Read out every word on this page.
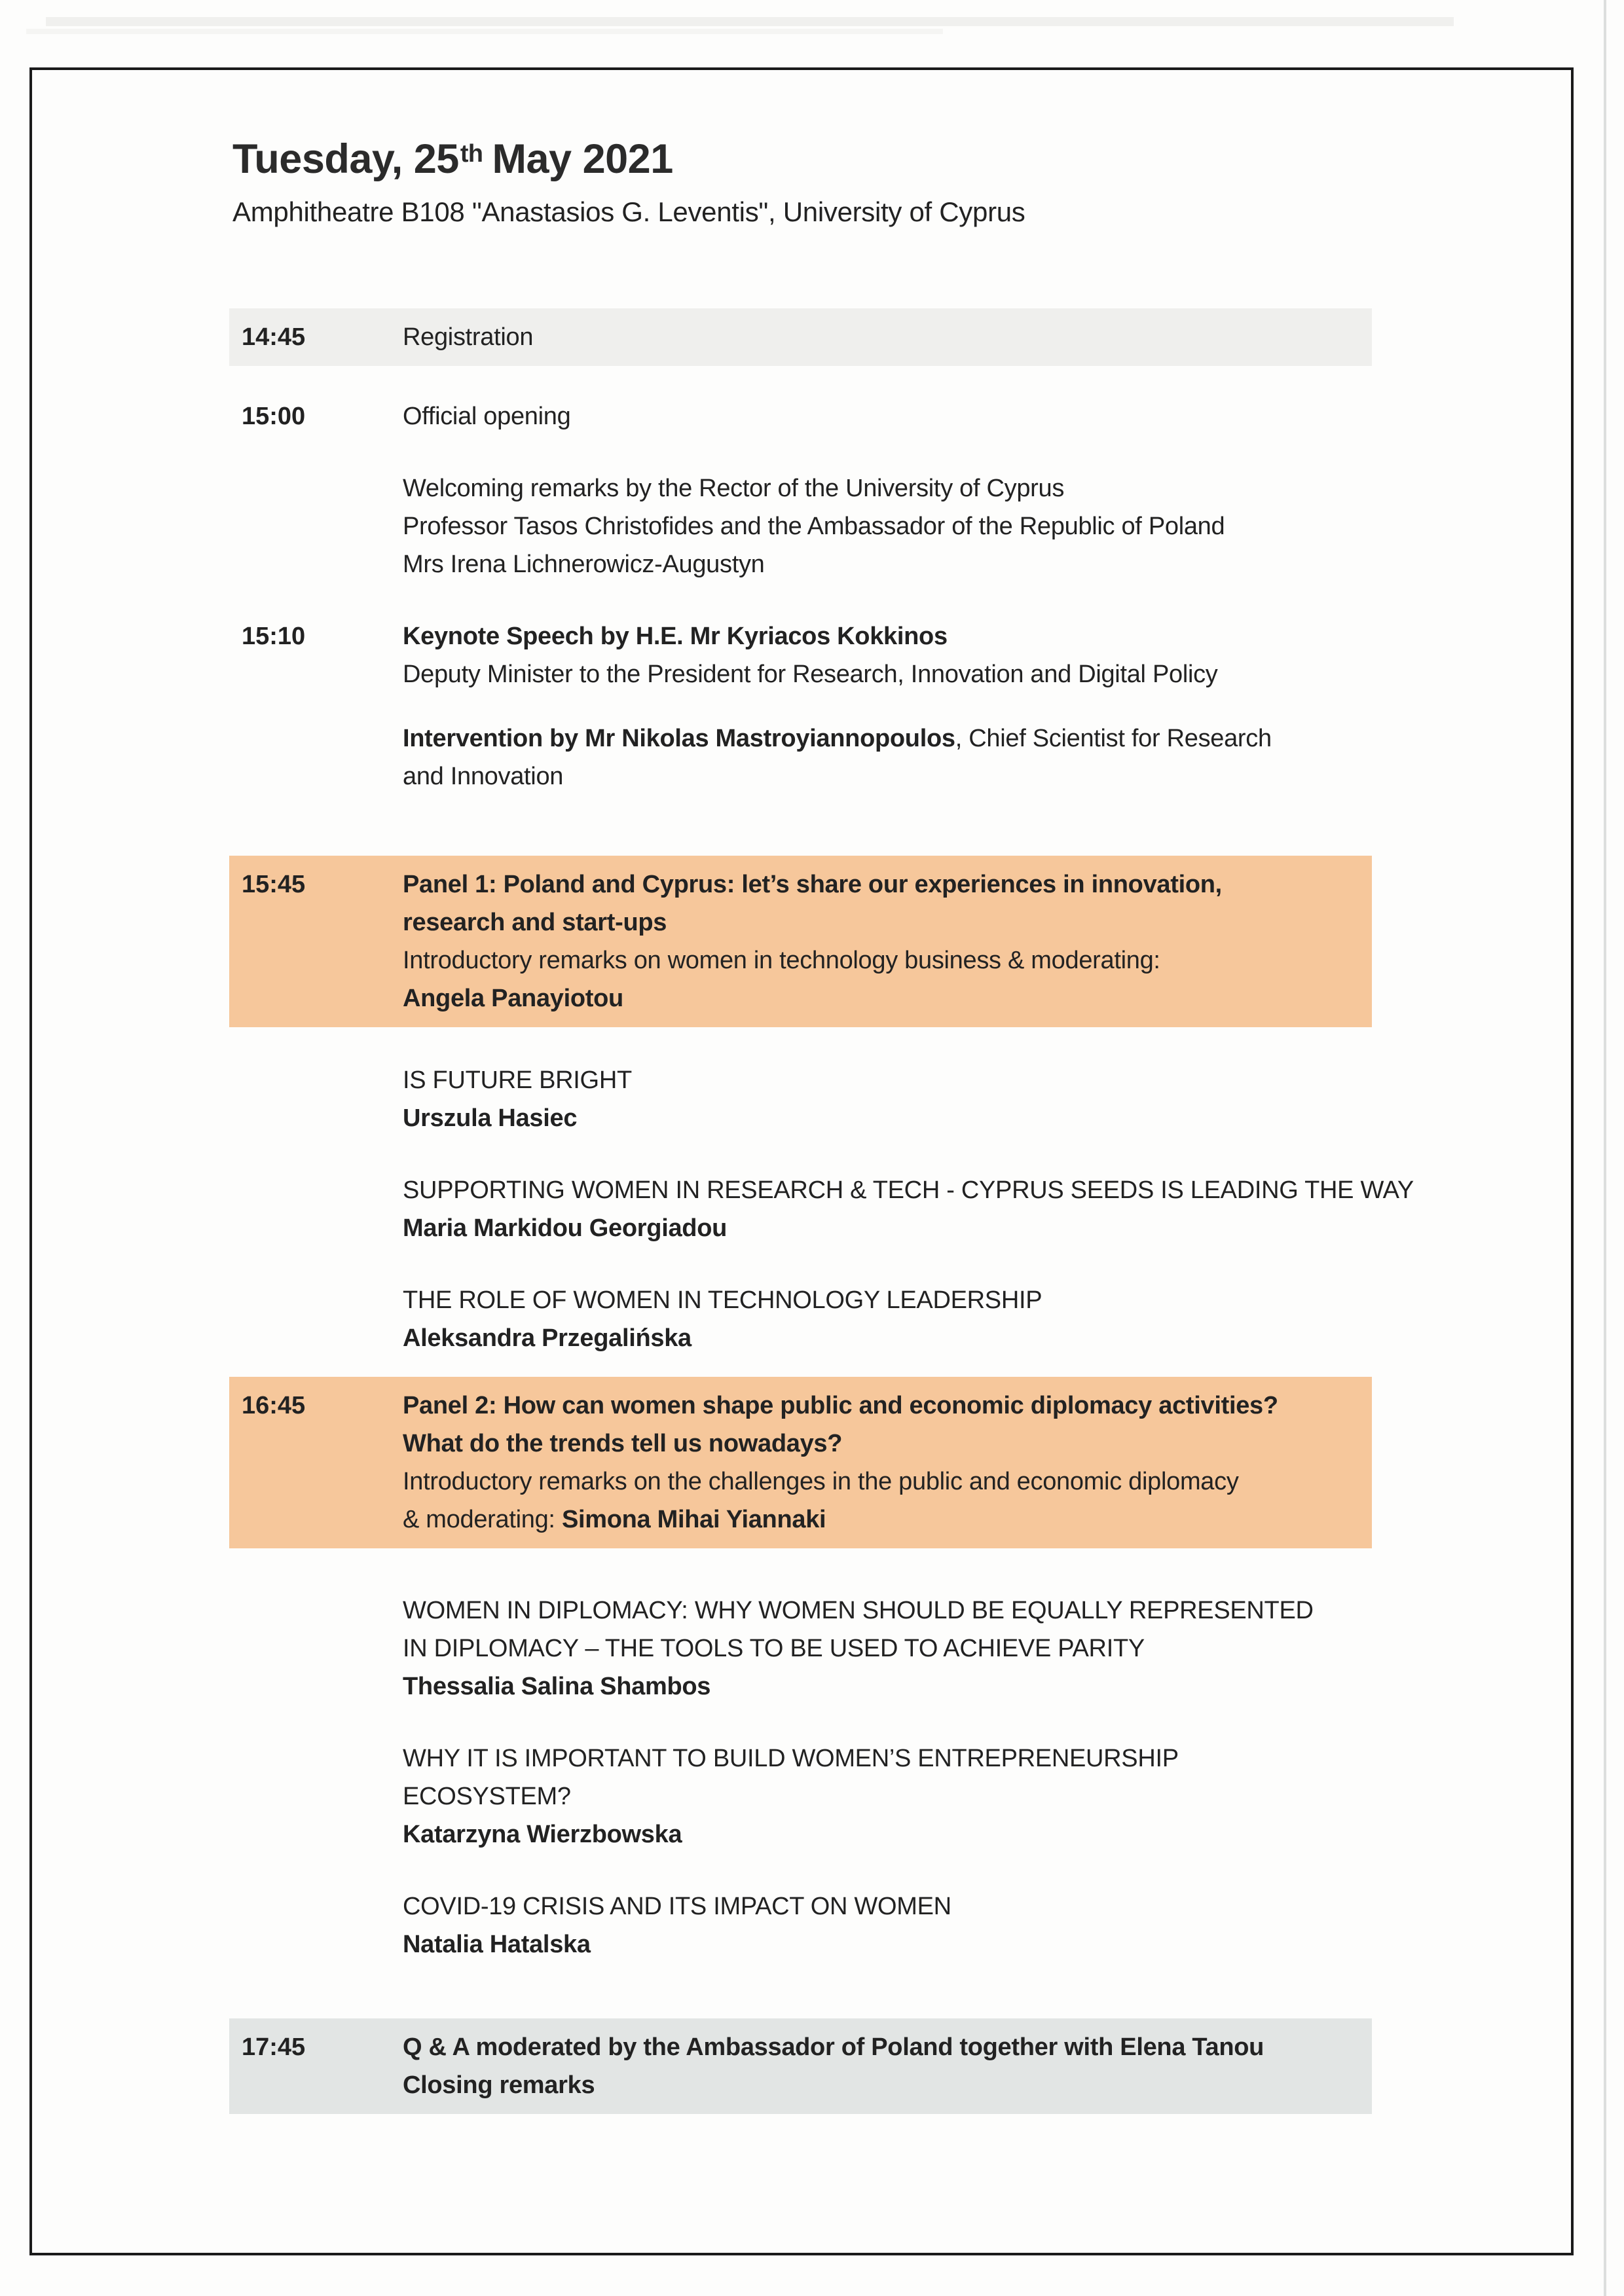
Tuesday, 25th May 2021
Amphitheatre B108 "Anastasios G. Leventis", University of Cyprus
14:45	Registration

15:00	Official opening

Welcoming remarks by the Rector of the University of Cyprus

Professor Tasos Christofides and the Ambassador of the Republic of Poland

Mrs Irena Lichnerowicz-Augustyn

15:10	Keynote Speech by H.E. Mr Kyriacos Kokkinos

Deputy Minister to the President for Research, Innovation and Digital Policy

Intervention by Mr Nikolas Mastroyiannopoulos, Chief Scientist for Research

and Innovation

15:45	Panel 1: Poland and Cyprus: let’s share our experiences in innovation,

research and start-ups

Introductory remarks on women in technology business & moderating:

Angela Panayiotou

IS FUTURE BRIGHT

Urszula Hasiec

SUPPORTING WOMEN IN RESEARCH & TECH - CYPRUS SEEDS IS LEADING THE WAY

Maria Markidou Georgiadou

THE ROLE OF WOMEN IN TECHNOLOGY LEADERSHIP

Aleksandra Przegalińska

16:45	Panel 2: How can women shape public and economic diplomacy activities?

What do the trends tell us nowadays?

Introductory remarks on the challenges in the public and economic diplomacy

& moderating: Simona Mihai Yiannaki

WOMEN IN DIPLOMACY: WHY WOMEN SHOULD BE EQUALLY REPRESENTED

IN DIPLOMACY – THE TOOLS TO BE USED TO ACHIEVE PARITY

Thessalia Salina Shambos

WHY IT IS IMPORTANT TO BUILD WOMEN’S ENTREPRENEURSHIP

ECOSYSTEM?

Katarzyna Wierzbowska

COVID-19 CRISIS AND ITS IMPACT ON WOMEN

Natalia Hatalska

17:45	Q & A moderated by the Ambassador of Poland together with Elena Tanou

Closing remarks
